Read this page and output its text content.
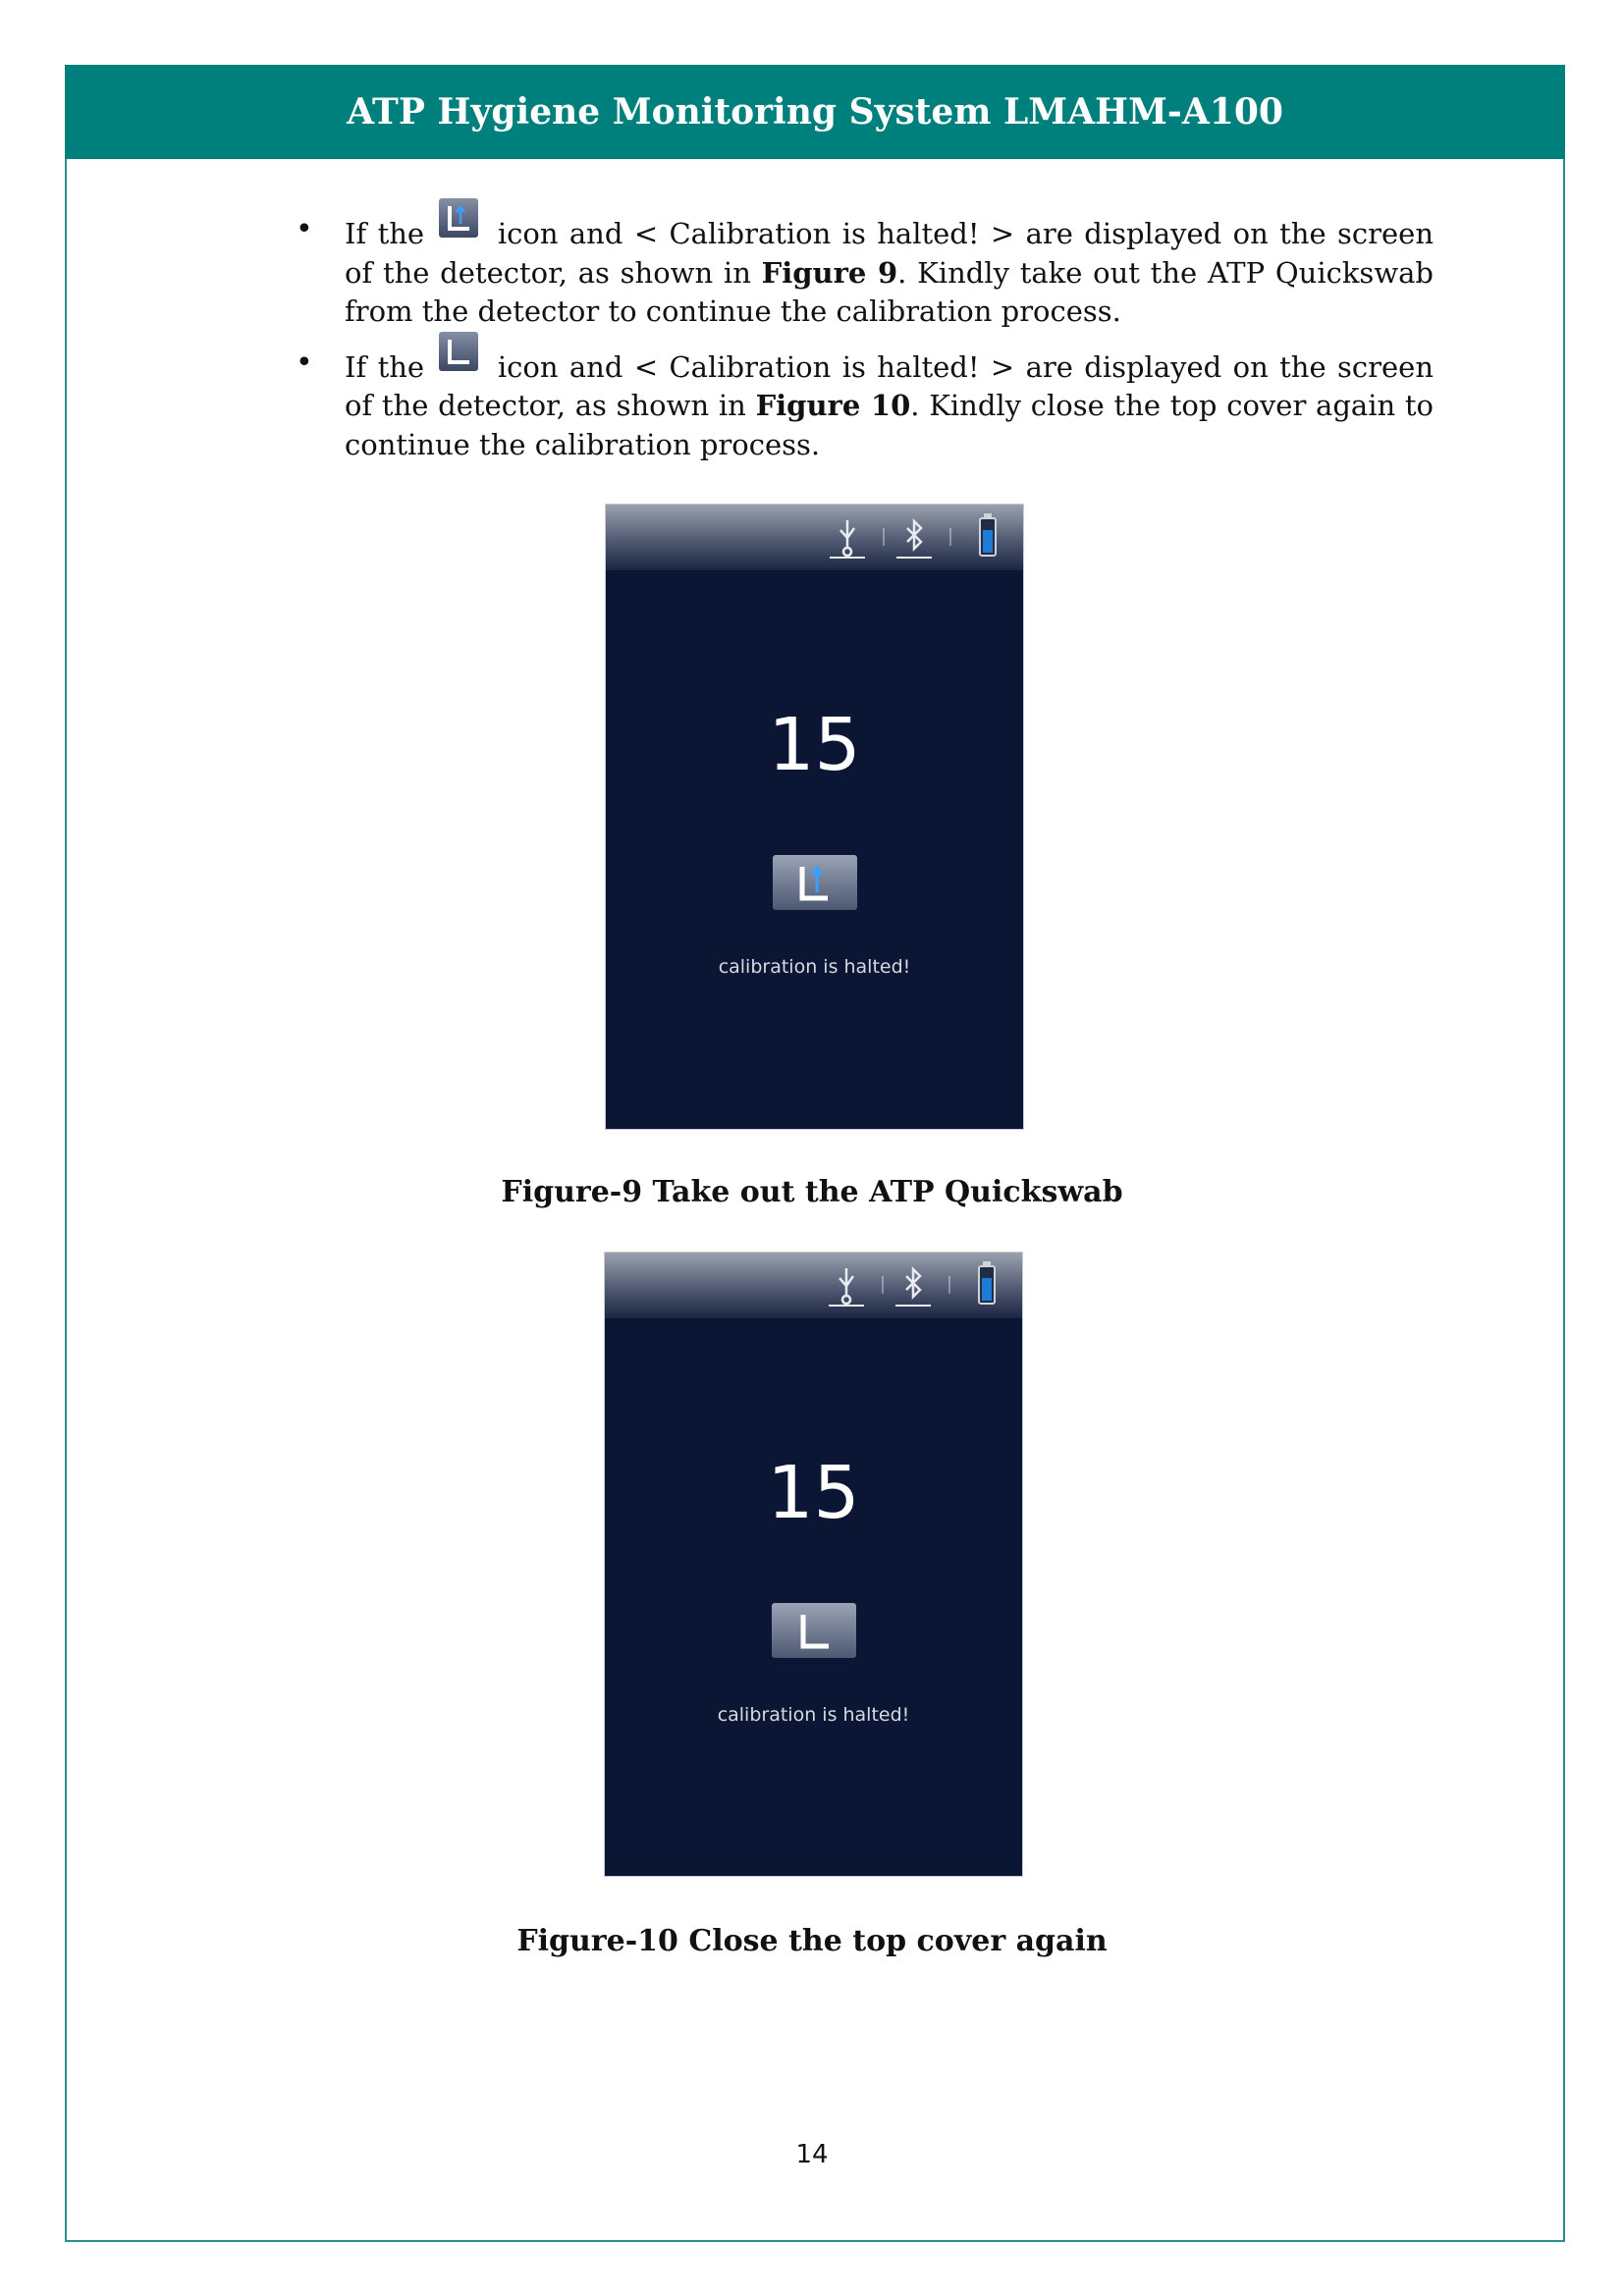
ATP Hygiene Monitoring System LMAHM-A100
• If the	icon and < Calibration is halted! > are displayed on the screen of the detector, as shown in Figure 9. Kindly take out the ATP Quickswab from the detector to continue the calibration process.
• If the	icon and < Calibration is halted! > are displayed on the screen of the detector, as shown in Figure 10. Kindly close the top cover again to continue the calibration process.
15
calibration is halted!
Figure-9 Take out the ATP Quickswab
15
calibration is halted!
Figure-10 Close the top cover again
14
